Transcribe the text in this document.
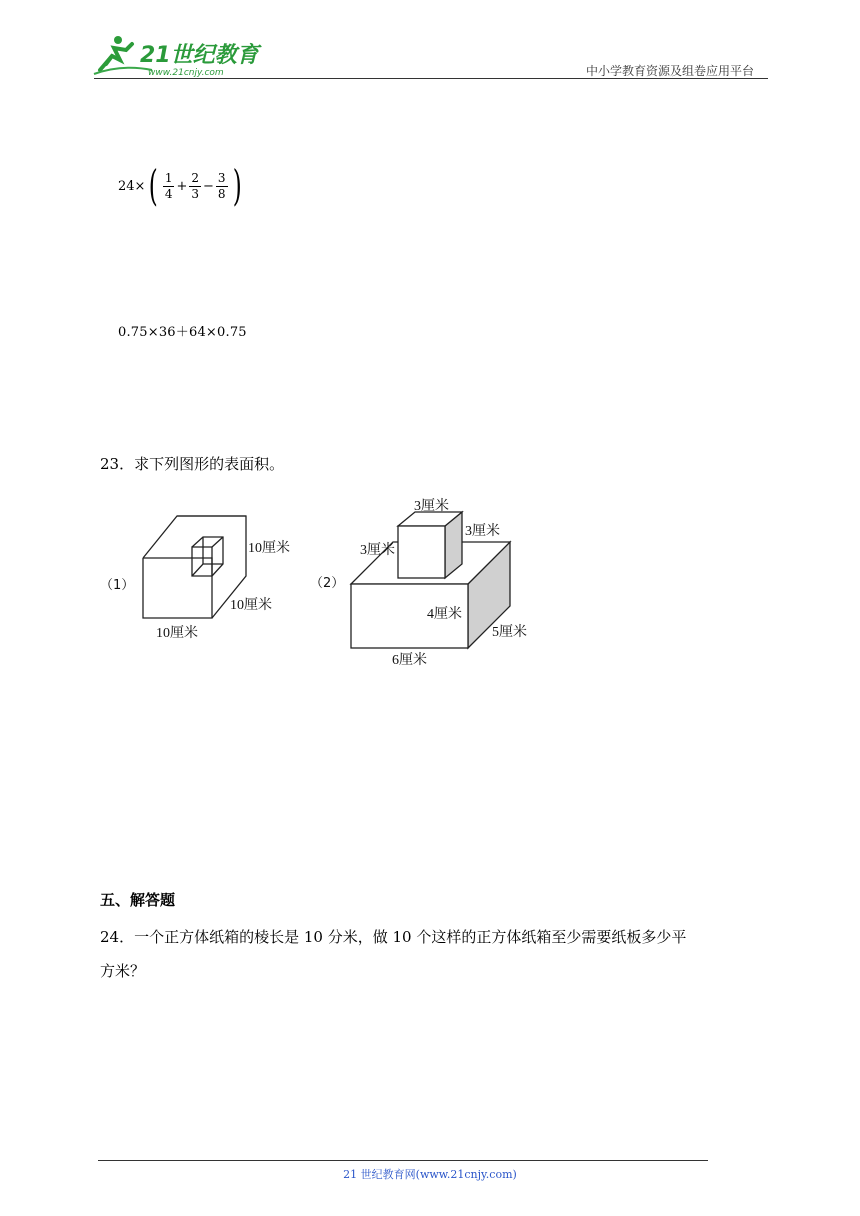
21世纪教育
www.21cnjy.com	中小学教育资源及组卷应用平台
24× ( $\frac{1}{4} + \frac{2}{3} - \frac{3}{8}$ )
0.75×36＋64×0.75
23．求下列图形的表面积。
（1）
10厘米
10厘米
10厘米
（2）
3厘米
3厘米
3厘米
4厘米
5厘米
6厘米
五、解答题
24．一个正方体纸箱的棱长是 10 分米，做 10 个这样的正方体纸箱至少需要纸板多少平
方米？
21 世纪教育网(www.21cnjy.com)
